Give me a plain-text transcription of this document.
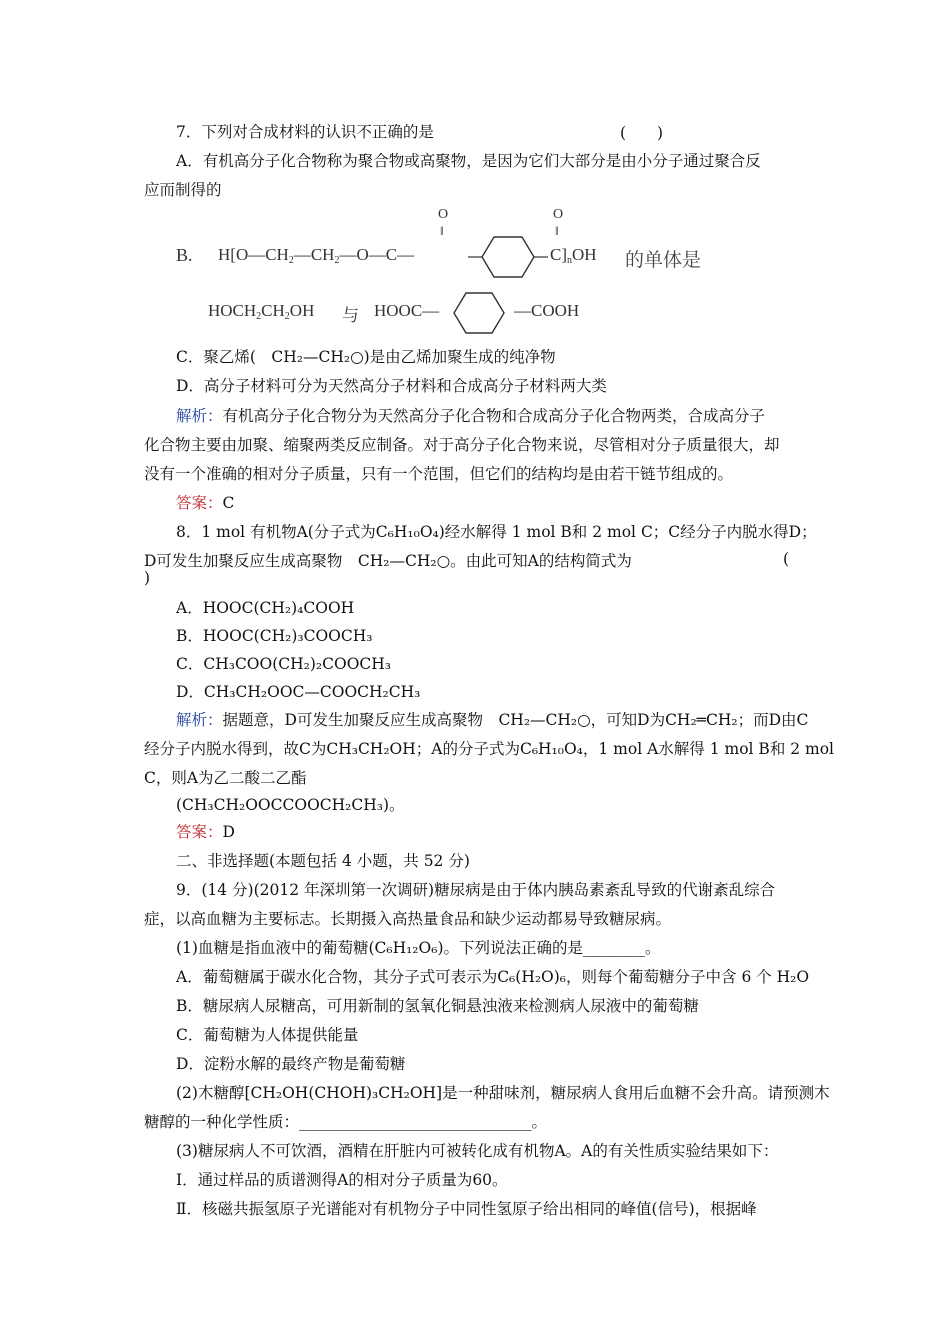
7．下列对合成材料的认识不正确的是	(　　)
A．有机高分子化合物称为聚合物或高聚物，是因为它们大部分是由小分子通过聚合反
应而制得的
B. $H[O—CH_2—CH_2—O—C—$
O
‖
$C]_nOH$
O
‖
的单体是
$HOCH_2CH_2OH$ 与 HOOC—	—COOH
C．聚乙烯(　CH₂—CH₂○)是由乙烯加聚生成的纯净物
D．高分子材料可分为天然高分子材料和合成高分子材料两大类
解析：有机高分子化合物分为天然高分子化合物和合成高分子化合物两类，合成高分子
化合物主要由加聚、缩聚两类反应制备。对于高分子化合物来说，尽管相对分子质量很大，却
没有一个准确的相对分子质量，只有一个范围，但它们的结构均是由若干链节组成的。
答案：C
8．1 mol 有机物A(分子式为C₆H₁₀O₄)经水解得 1 mol B和 2 mol C；C经分子内脱水得D；
D可发生加聚反应生成高聚物　CH₂—CH₂○。由此可知A的结构简式为	(
)
A．HOOC(CH₂)₄COOH
B．HOOC(CH₂)₃COOCH₃
C．CH₃COO(CH₂)₂COOCH₃
D．CH₃CH₂OOC—COOCH₂CH₃
解析：据题意，D可发生加聚反应生成高聚物　CH₂—CH₂○，可知D为CH₂═CH₂；而D由C
经分子内脱水得到，故C为CH₃CH₂OH；A的分子式为C₆H₁₀O₄，1 mol A水解得 1 mol B和 2 mol
C，则A为乙二酸二乙酯
(CH₃CH₂OOCCOOCH₂CH₃)。
答案：D
二、非选择题(本题包括 4 小题，共 52 分)
9．(14 分)(2012 年深圳第一次调研)糖尿病是由于体内胰岛素紊乱导致的代谢紊乱综合
症，以高血糖为主要标志。长期摄入高热量食品和缺少运动都易导致糖尿病。
(1)血糖是指血液中的葡萄糖(C₆H₁₂O₆)。下列说法正确的是________。
A．葡萄糖属于碳水化合物，其分子式可表示为C₆(H₂O)₆，则每个葡萄糖分子中含 6 个 H₂O
B．糖尿病人尿糖高，可用新制的氢氧化铜悬浊液来检测病人尿液中的葡萄糖
C．葡萄糖为人体提供能量
D．淀粉水解的最终产物是葡萄糖
(2)木糖醇[CH₂OH(CHOH)₃CH₂OH]是一种甜味剂，糖尿病人食用后血糖不会升高。请预测木
糖醇的一种化学性质：______________________________。
(3)糖尿病人不可饮酒，酒精在肝脏内可被转化成有机物A。A的有关性质实验结果如下：
Ⅰ．通过样品的质谱测得A的相对分子质量为60。
Ⅱ．核磁共振氢原子光谱能对有机物分子中同性氢原子给出相同的峰值(信号)，根据峰
